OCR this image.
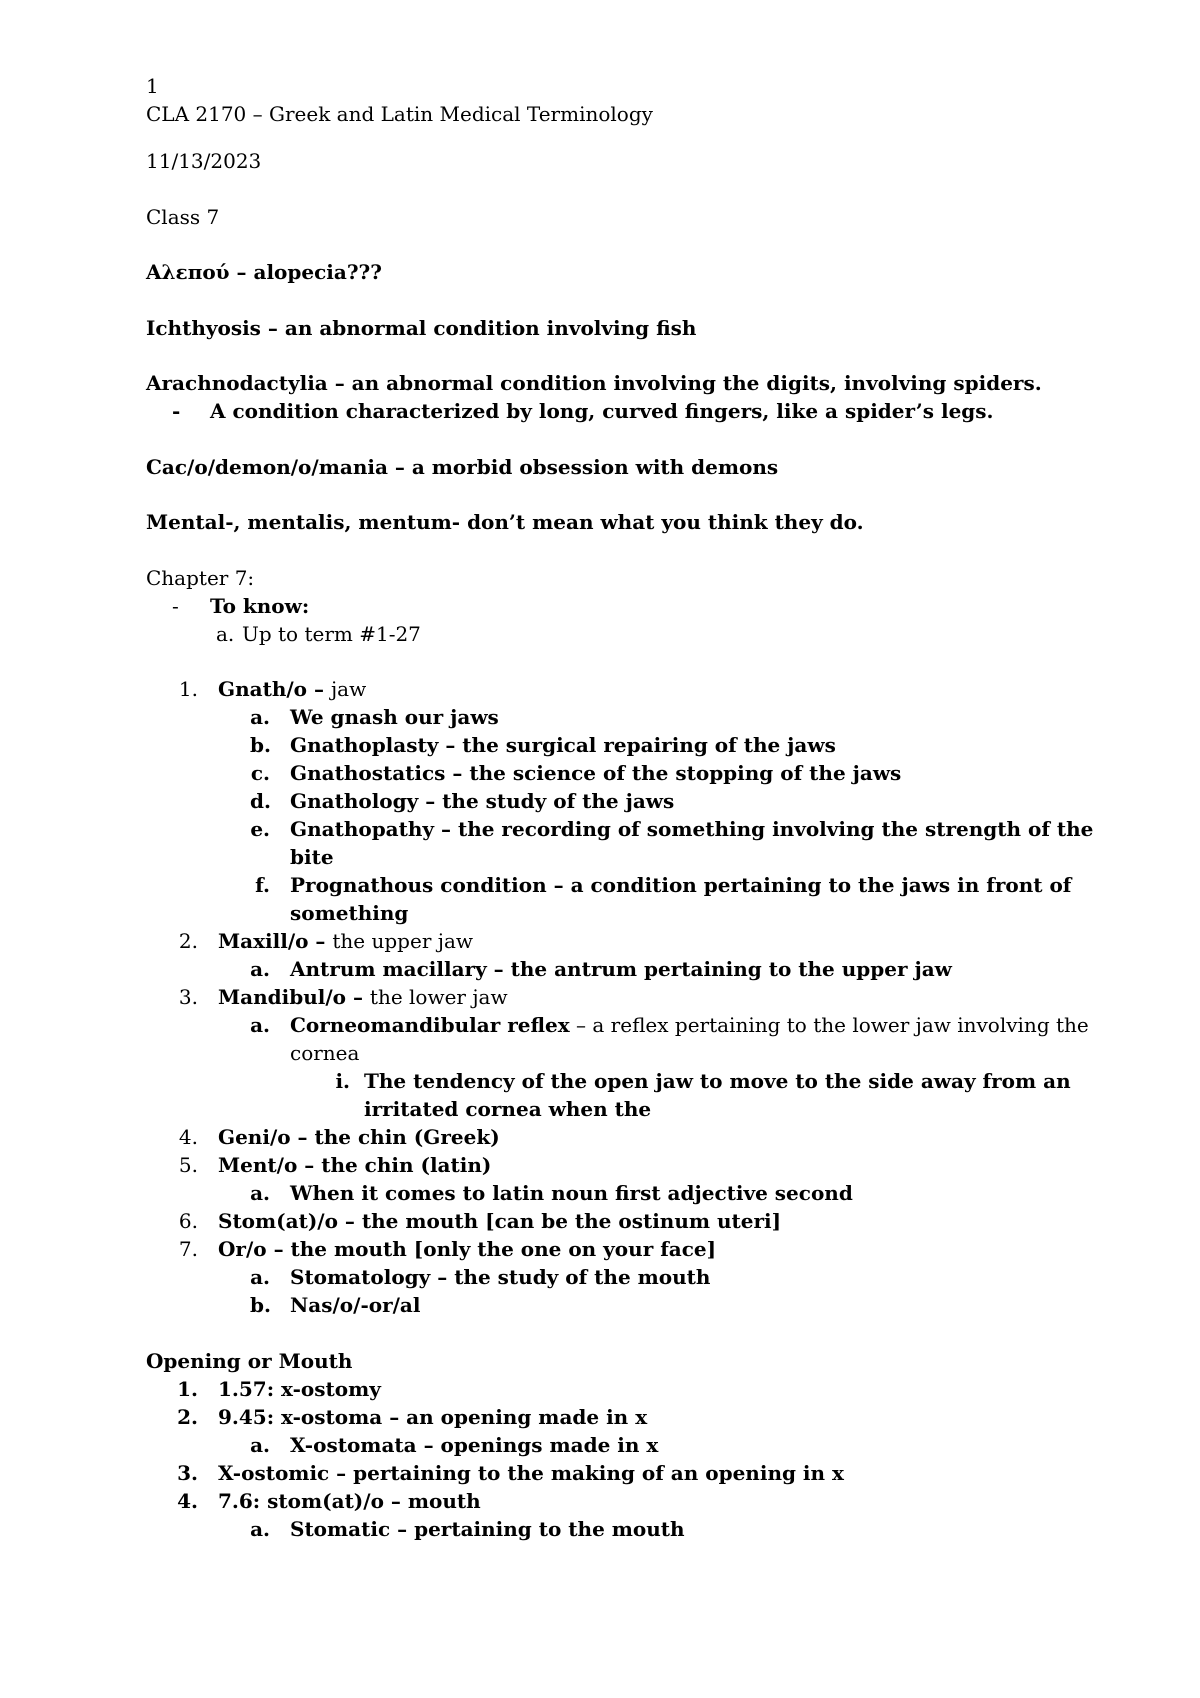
1
CLA 2170 – Greek and Latin Medical Terminology
11/13/2023
Class 7
Αλεπού – alopecia???
Ichthyosis – an abnormal condition involving fish
Arachnodactylia – an abnormal condition involving the digits, involving spiders.
- A condition characterized by long, curved fingers, like a spider’s legs.
Cac/o/demon/o/mania – a morbid obsession with demons
Mental-, mentalis, mentum- don’t mean what you think they do.
Chapter 7:
- To know:
a. Up to term #1-27
1. Gnath/o – jaw
a. We gnash our jaws
b. Gnathoplasty – the surgical repairing of the jaws
c. Gnathostatics – the science of the stopping of the jaws
d. Gnathology – the study of the jaws
e. Gnathopathy – the recording of something involving the strength of the
bite
f. Prognathous condition – a condition pertaining to the jaws in front of
something
2. Maxill/o – the upper jaw
a. Antrum macillary – the antrum pertaining to the upper jaw
3. Mandibul/o – the lower jaw
a. Corneomandibular reflex – a reflex pertaining to the lower jaw involving the
cornea
i. The tendency of the open jaw to move to the side away from an
irritated cornea when the
4. Geni/o – the chin (Greek)
5. Ment/o – the chin (latin)
a. When it comes to latin noun first adjective second
6. Stom(at)/o – the mouth [can be the ostinum uteri]
7. Or/o – the mouth [only the one on your face]
a. Stomatology – the study of the mouth
b. Nas/o/-or/al
Opening or Mouth
1. 1.57: x-ostomy
2. 9.45: x-ostoma – an opening made in x
a. X-ostomata – openings made in x
3. X-ostomic – pertaining to the making of an opening in x
4. 7.6: stom(at)/o – mouth
a. Stomatic – pertaining to the mouth
